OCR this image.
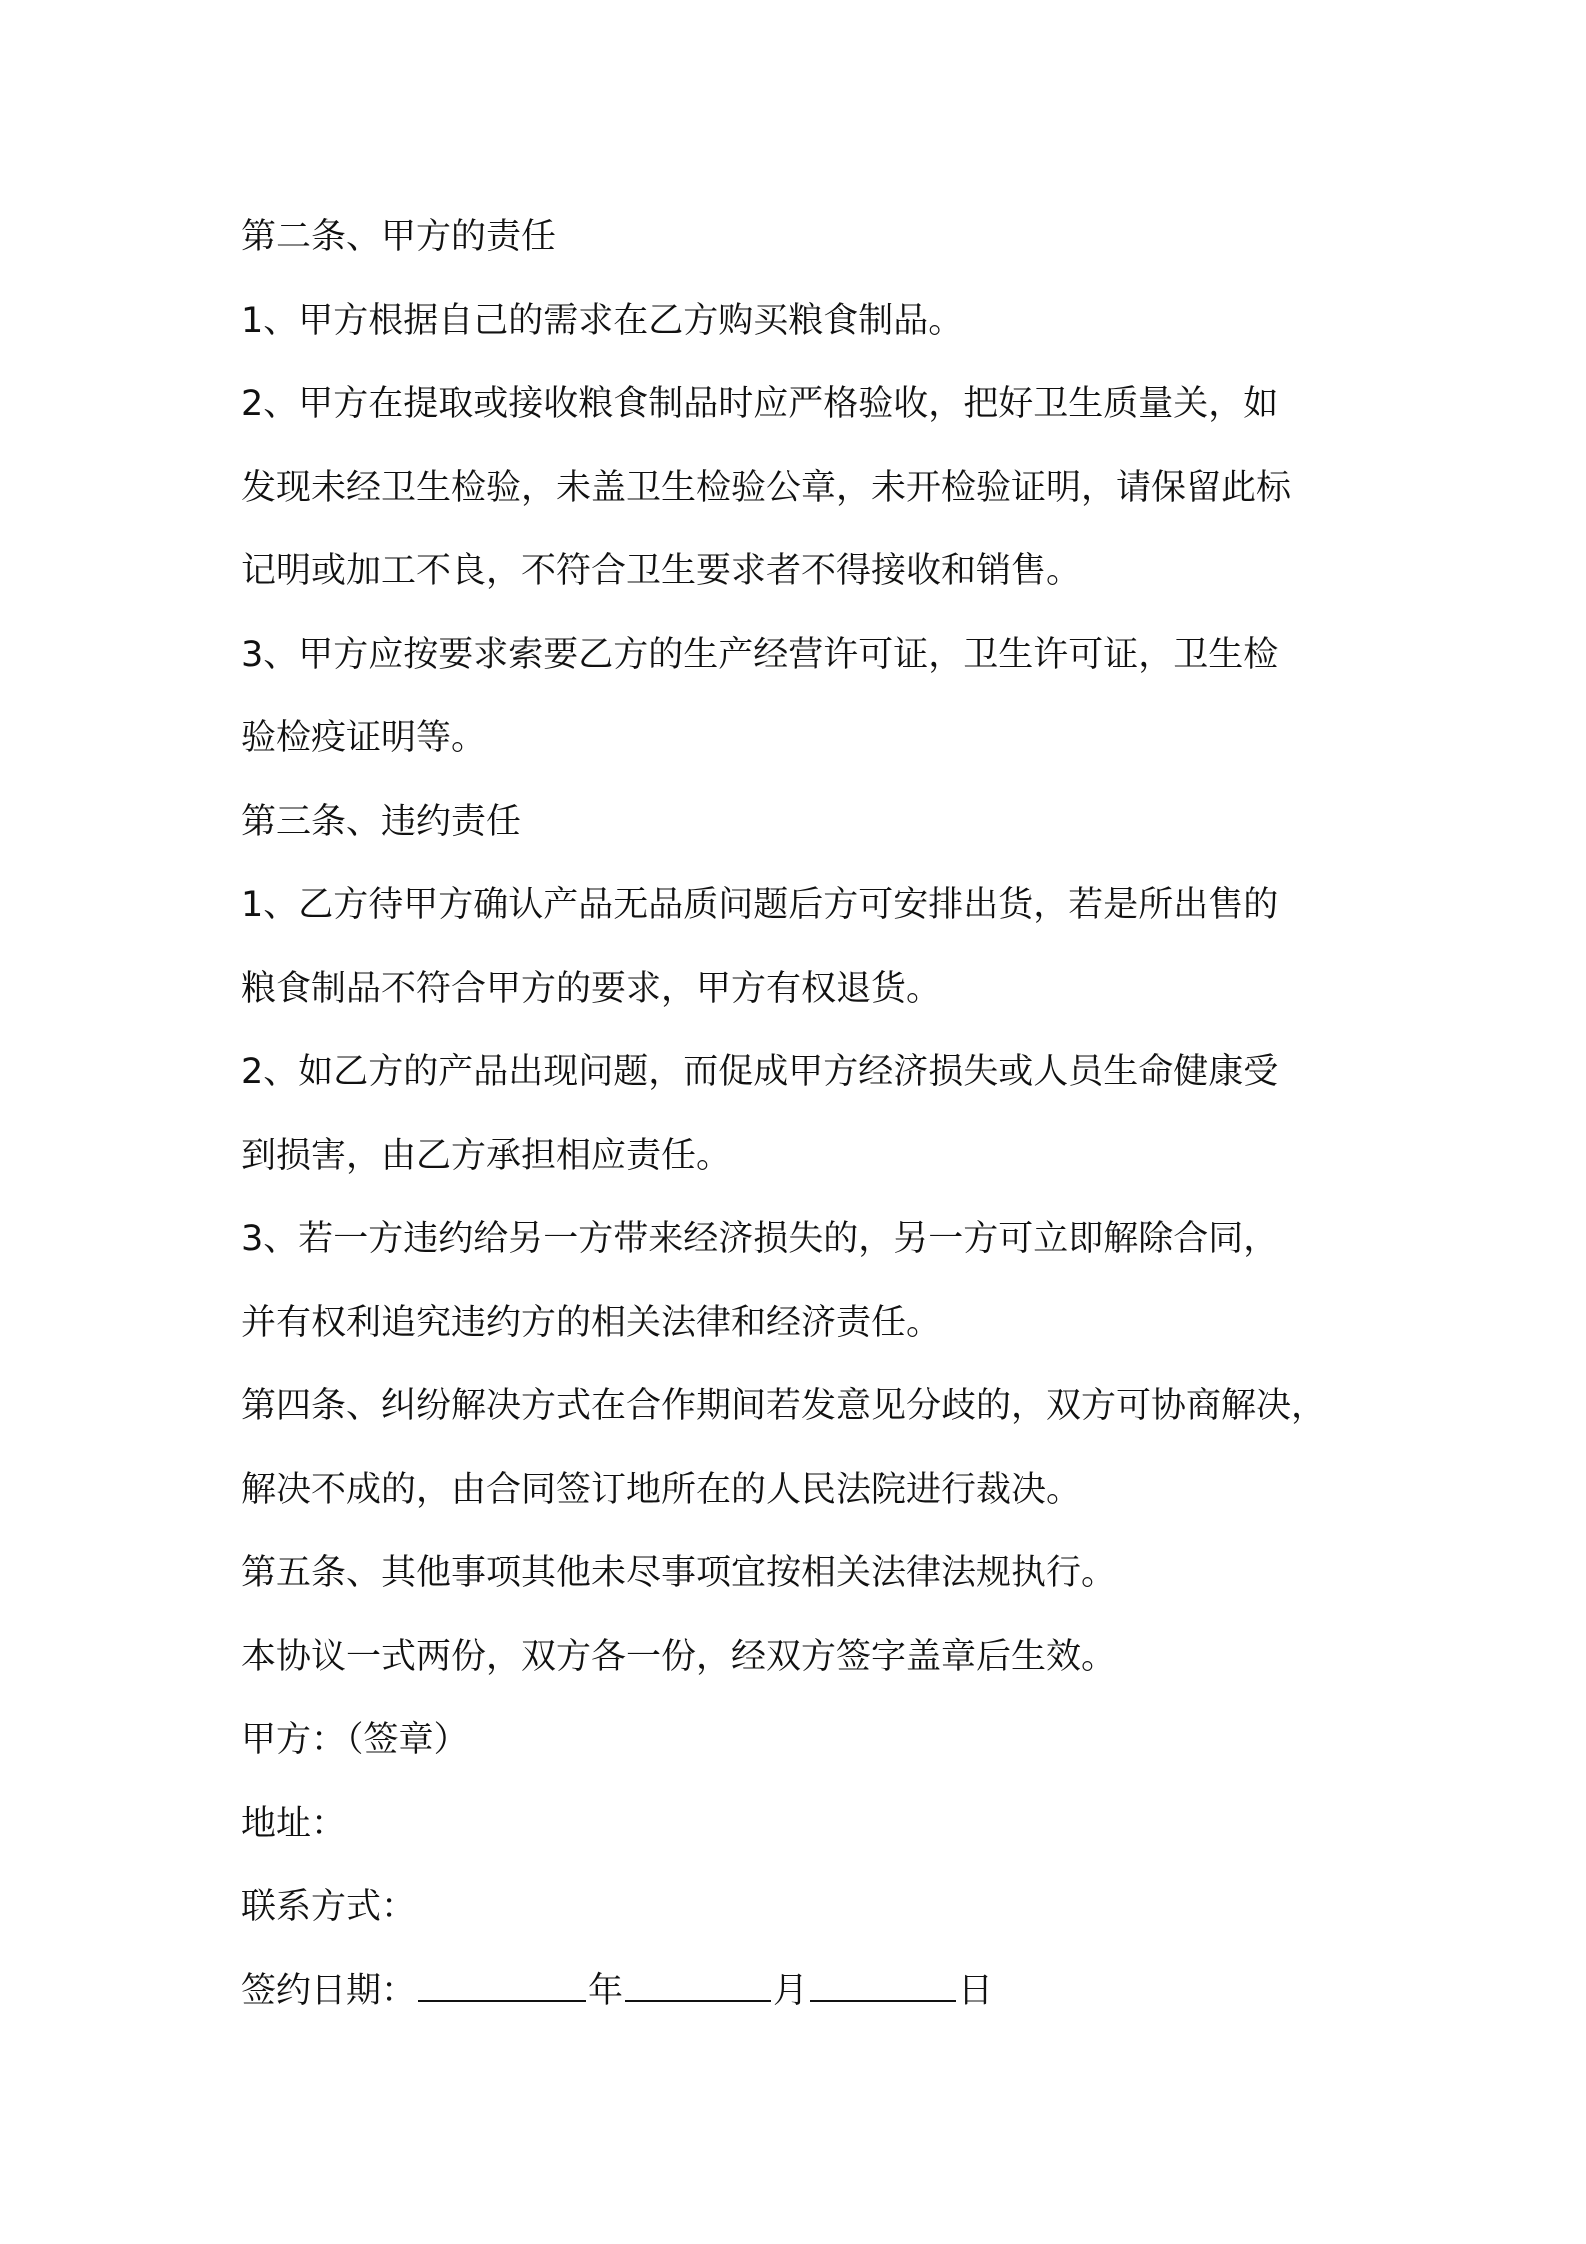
第二条、甲方的责任
1、甲方根据自己的需求在乙方购买粮食制品。
2、甲方在提取或接收粮食制品时应严格验收，把好卫生质量关，如
发现未经卫生检验，未盖卫生检验公章，未开检验证明，请保留此标
记明或加工不良，不符合卫生要求者不得接收和销售。
3、甲方应按要求索要乙方的生产经营许可证，卫生许可证，卫生检
验检疫证明等。
第三条、违约责任
1、乙方待甲方确认产品无品质问题后方可安排出货，若是所出售的
粮食制品不符合甲方的要求，甲方有权退货。
2、如乙方的产品出现问题，而促成甲方经济损失或人员生命健康受
到损害，由乙方承担相应责任。
3、若一方违约给另一方带来经济损失的，另一方可立即解除合同，
并有权利追究违约方的相关法律和经济责任。
第四条、纠纷解决方式在合作期间若发意见分歧的，双方可协商解决，
解决不成的，由合同签订地所在的人民法院进行裁决。
第五条、其他事项其他未尽事项宜按相关法律法规执行。
本协议一式两份，双方各一份，经双方签字盖章后生效。
甲方：（签章）
地址：
联系方式：
签约日期：	年	月	日
